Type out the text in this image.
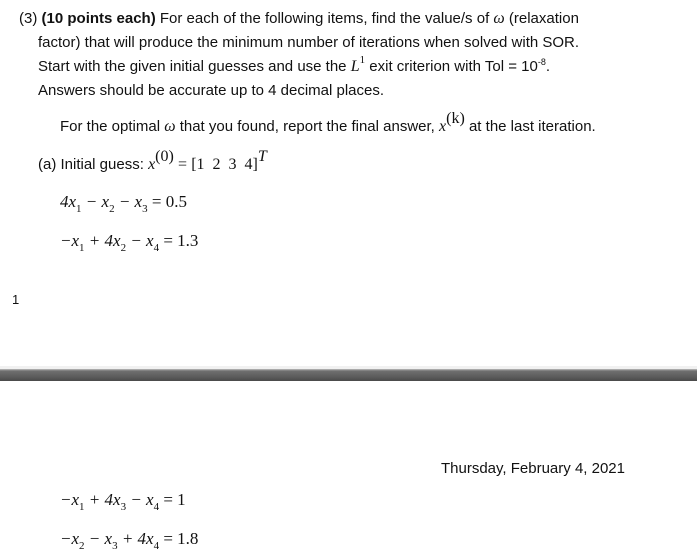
(3) (10 points each) For each of the following items, find the value/s of ω (relaxation
factor) that will produce the minimum number of iterations when solved with SOR.
Start with the given initial guesses and use the $L^1$ exit criterion with Tol = $10^{-8}$.
Answers should be accurate up to 4 decimal places.
For the optimal ω that you found, report the final answer, $x^{(k)}$ at the last iteration.
(a) Initial guess: $x^{(0)} = [1$  2  3  4]$^T$
$4x_1 - x_2 - x_3 = 0.5$
$-x_1 + 4x_2 - x_4 = 1.3$
1
Thursday, February 4, 2021
$-x_1 + 4x_3 - x_4 = 1$
$-x_2 - x_3 + 4x_4 = 1.8$
